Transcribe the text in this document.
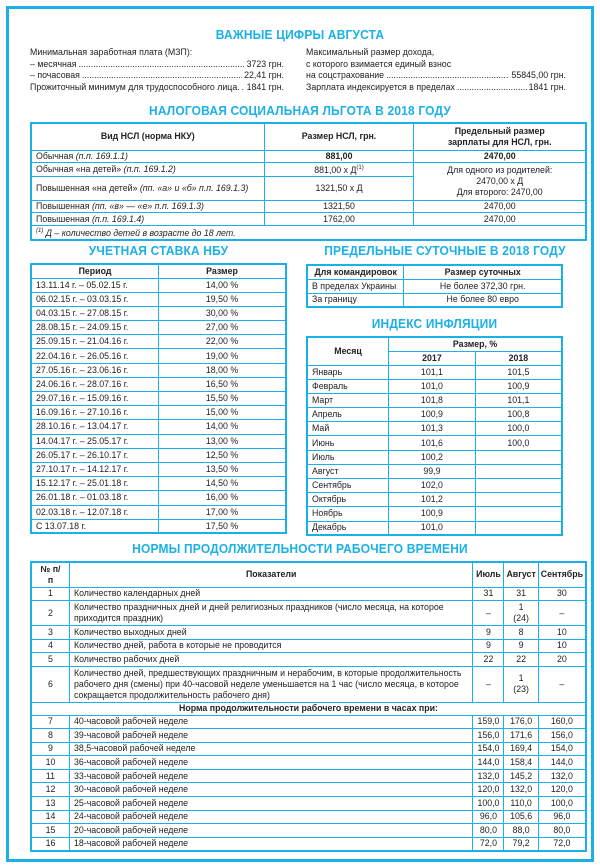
ВАЖНЫЕ ЦИФРЫ АВГУСТА
Минимальная заработная плата (МЗП):
– месячная .....	3723 грн.
– почасовая .....	22,41 грн.
Прожиточный минимум для трудоспособного лица. ..... 1841 грн.
Максимальный размер дохода,
с которого взимается единый взнос
на соцстрахование .....	55845,00 грн.
Зарплата индексируется в пределах .....	1841 грн.
НАЛОГОВАЯ СОЦИАЛЬНАЯ ЛЬГОТА В 2018 ГОДУ
Вид НСЛ (норма НКУ)	Размер НСЛ, грн.	Предельный размер зарплаты для НСЛ, грн.
Обычная (п.п. 169.1.1)	881,00	2470,00
Обычная «на детей» (п.п. 169.1.2)	881,00 х $Д^{(1)}$	Для одного из родителей:
2470,00 х Д
Для второго: 2470,00

Повышенная «на детей» (пп. «а» и «б» п.п. 169.1.3)	1321,50 х Д	
Повышенная (пп. «в» — «е» п.п. 169.1.3)	1321,50	2470,00
Повышенная (п.п. 169.1.4)	1762,00	2470,00
$^{(1)}$ Д – количество детей в возрасте до 18 лет.		
УЧЕТНАЯ СТАВКА НБУ
Период	Размер
13.11.14 г. – 05.02.15 г.	14,00 %
06.02.15 г. – 03.03.15 г.	19,50 %
04.03.15 г. – 27.08.15 г.	30,00 %
28.08.15 г. – 24.09.15 г.	27,00 %
25.09.15 г. – 21.04.16 г.	22,00 %
22.04.16 г. – 26.05.16 г.	19,00 %
27.05.16 г. – 23.06.16 г.	18,00 %
24.06.16 г. – 28.07.16 г.	16,50 %
29.07.16 г. – 15.09.16 г.	15,50 %
16.09.16 г. – 27.10.16 г.	15,00 %
28.10.16 г. – 13.04.17 г.	14,00 %
14.04.17 г. – 25.05.17 г.	13,00 %
26.05.17 г. – 26.10.17 г.	12,50 %
27.10.17 г. – 14.12.17 г.	13,50 %
15.12.17 г. – 25.01.18 г.	14,50 %
26.01.18 г. – 01.03.18 г.	16,00 %
02.03.18 г. – 12.07.18 г.	17,00 %
С 13.07.18 г.	17,50 %
ПРЕДЕЛЬНЫЕ СУТОЧНЫЕ В 2018 ГОДУ
Для командировок	Размер суточных
В пределах Украины	Не более 372,30 грн.
За границу	Не более 80 евро
ИНДЕКС ИНФЛЯЦИИ
Месяц	Размер, %	
	2017	2018
Январь	101,1	101,5
Февраль	101,0	100,9
Март	101,8	101,1
Апрель	100,9	100,8
Май	101,3	100,0
Июнь	101,6	100,0
Июль	100,2	
Август	99,9	
Сентябрь	102,0	
Октябрь	101,2	
Ноябрь	100,9	
Декабрь	101,0	
НОРМЫ ПРОДОЛЖИТЕЛЬНОСТИ РАБОЧЕГО ВРЕМЕНИ
№ п/п	Показатели	Июль	Август	Сентябрь
1	Количество календарных дней	31	31	30
2	Количество праздничных дней и дней религиозных праздников (число месяца, на которое приходится праздник)	–	1 (24)	–
3	Количество выходных дней	9	8	10
4	Количество дней, работа в которые не проводится	9	9	10
5	Количество рабочих дней	22	22	20
6	Количество дней, предшествующих праздничным и нерабочим, в которые продолжительность рабочего дня (смены) при 40-часовой неделе уменьшается на 1 час (число месяца, в которое сокращается продолжительность рабочего дня)	–	1 (23)	–
Норма продолжительности рабочего времени в часах при:				
7	40-часовой рабочей неделе	159,0	176,0	160,0
8	39-часовой рабочей неделе	156,0	171,6	156,0
9	38,5-часовой рабочей неделе	154,0	169,4	154,0
10	36-часовой рабочей неделе	144,0	158,4	144,0
11	33-часовой рабочей неделе	132,0	145,2	132,0
12	30-часовой рабочей неделе	120,0	132,0	120,0
13	25-часовой рабочей неделе	100,0	110,0	100,0
14	24-часовой рабочей неделе	96,0	105,6	96,0
15	20-часовой рабочей неделе	80,0	88,0	80,0
16	18-часовой рабочей неделе	72,0	79,2	72,0
